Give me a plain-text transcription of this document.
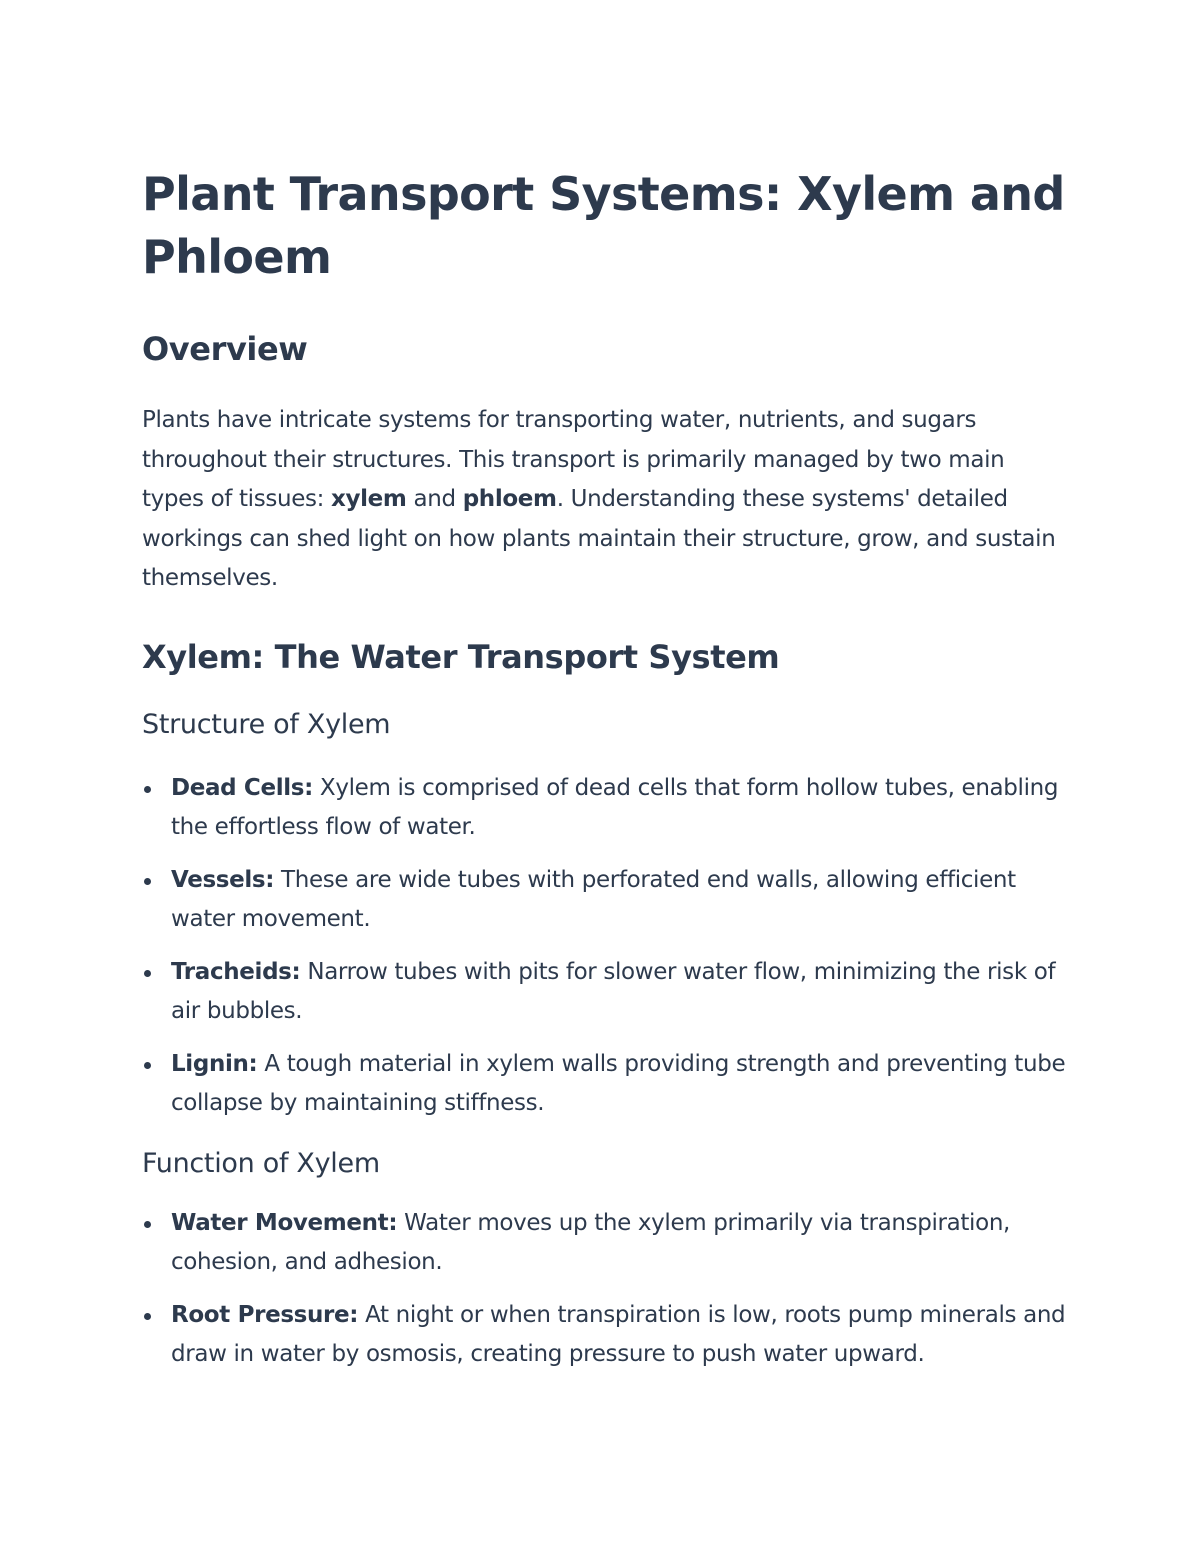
Plant Transport Systems: Xylem and Phloem
Overview

Plants have intricate systems for transporting water, nutrients, and sugars throughout their structures. This transport is primarily managed by two main types of tissues: xylem and phloem. Understanding these systems' detailed workings can shed light on how plants maintain their structure, grow, and sustain themselves.

Xylem: The Water Transport System
Structure of Xylem
Dead Cells: Xylem is comprised of dead cells that form hollow tubes, enabling the effortless flow of water.
Vessels: These are wide tubes with perforated end walls, allowing efficient water movement.
Tracheids: Narrow tubes with pits for slower water flow, minimizing the risk of air bubbles.
Lignin: A tough material in xylem walls providing strength and preventing tube collapse by maintaining stiffness.
Function of Xylem
Water Movement: Water moves up the xylem primarily via transpiration, cohesion, and adhesion.
Root Pressure: At night or when transpiration is low, roots pump minerals and draw in water by osmosis, creating pressure to push water upward.
